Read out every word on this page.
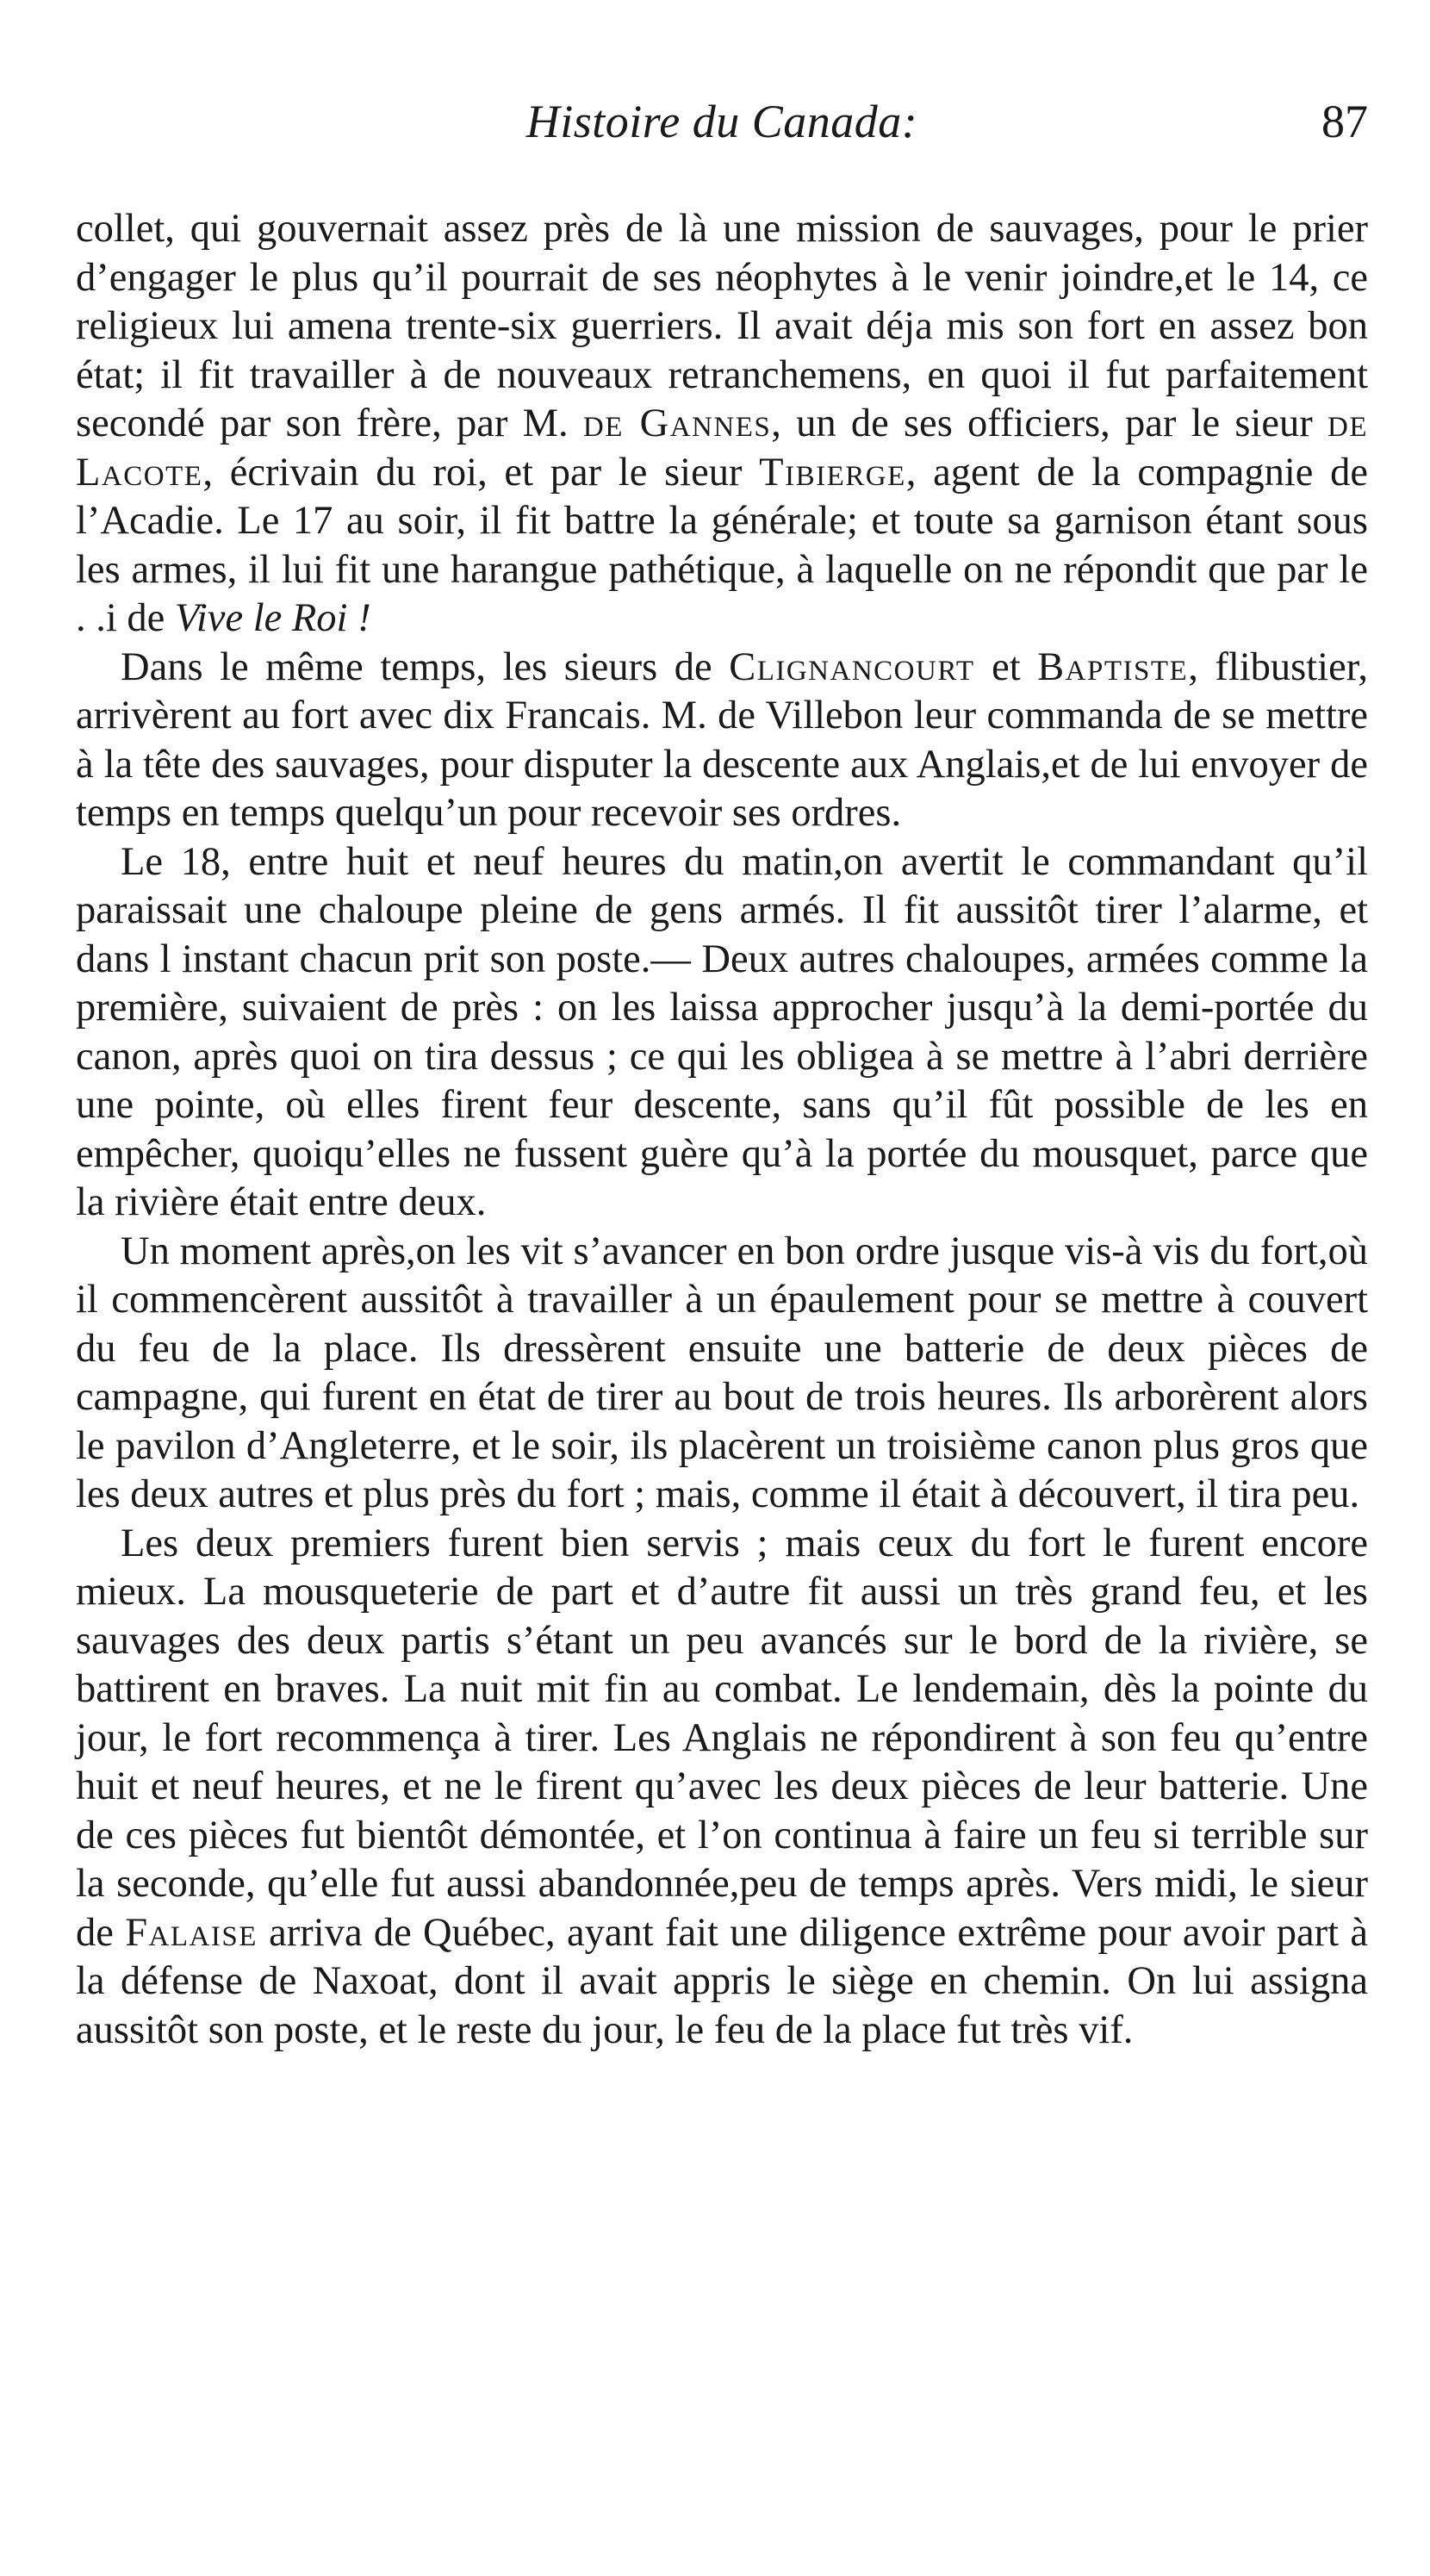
Histoire du Canada:	87

collet, qui gouvernait assez près de là une mission de sauvages, pour le prier d’engager le plus qu’il pourrait de ses néophytes à le venir joindre,et le 14, ce religieux lui amena trente-six guerriers. Il avait déja mis son fort en assez bon état; il fit travailler à de nouveaux retranchemens, en quoi il fut parfaitement secondé par son frère, par M. de Gannes, un de ses officiers, par le sieur de Lacote, écrivain du roi, et par le sieur Tibierge, agent de la compagnie de l’Acadie. Le 17 au soir, il fit battre la générale; et toute sa garnison étant sous les armes, il lui fit une harangue pathétique, à laquelle on ne répondit que par le . .i de Vive le Roi !

Dans le même temps, les sieurs de Clignancourt et Baptiste, flibustier, arrivèrent au fort avec dix Francais. M. de Villebon leur commanda de se mettre à la tête des sauvages, pour disputer la descente aux Anglais,et de lui envoyer de temps en temps quelqu’un pour recevoir ses ordres.

Le 18, entre huit et neuf heures du matin,on avertit le commandant qu’il paraissait une chaloupe pleine de gens armés. Il fit aussitôt tirer l’alarme, et dans l instant chacun prit son poste.— Deux autres chaloupes, armées comme la première, suivaient de près : on les laissa approcher jusqu’à la demi-portée du canon, après quoi on tira dessus ; ce qui les obligea à se mettre à l’abri derrière une pointe, où elles firent feur descente, sans qu’il fût possible de les en empêcher, quoiqu’elles ne fussent guère qu’à la portée du mousquet, parce que la rivière était entre deux.

Un moment après,on les vit s’avancer en bon ordre jusque vis-à vis du fort,où il commencèrent aussitôt à travailler à un épaulement pour se mettre à couvert du feu de la place. Ils dressèrent ensuite une batterie de deux pièces de campagne, qui furent en état de tirer au bout de trois heures. Ils arborèrent alors le pavilon d’Angleterre, et le soir, ils placèrent un troisième canon plus gros que les deux autres et plus près du fort ; mais, comme il était à découvert, il tira peu.

Les deux premiers furent bien servis ; mais ceux du fort le furent encore mieux. La mousqueterie de part et d’autre fit aussi un très grand feu, et les sauvages des deux partis s’étant un peu avancés sur le bord de la rivière, se battirent en braves. La nuit mit fin au combat. Le lendemain, dès la pointe du jour, le fort recommença à tirer. Les Anglais ne répondirent à son feu qu’entre huit et neuf heures, et ne le firent qu’avec les deux pièces de leur batterie. Une de ces pièces fut bientôt démontée, et l’on continua à faire un feu si terrible sur la seconde, qu’elle fut aussi abandonnée,peu de temps après. Vers midi, le sieur de Falaise arriva de Québec, ayant fait une diligence extrême pour avoir part à la défense de Naxoat, dont il avait appris le siège en chemin. On lui assigna aussitôt son poste, et le reste du jour, le feu de la place fut très vif.
